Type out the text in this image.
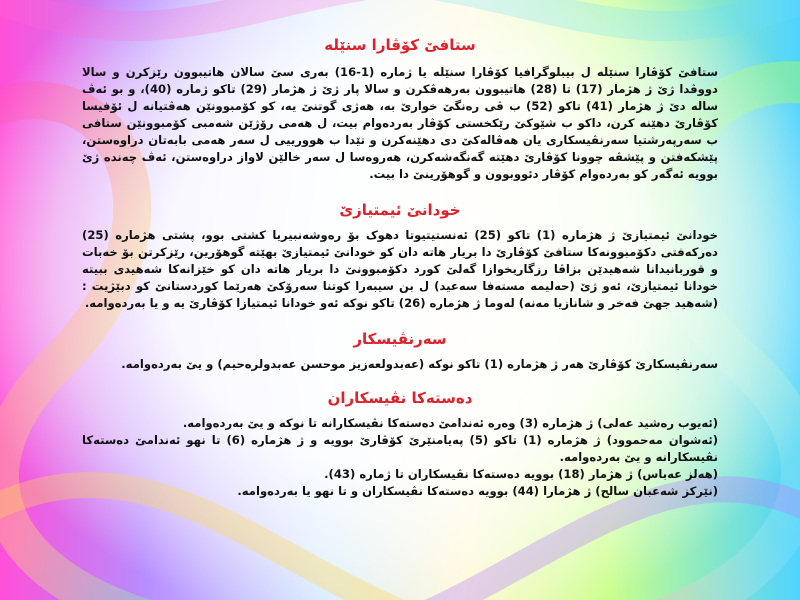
ستافێ کۆڤارا سنێلە

ستافێ کۆڤارا سنێلە ل بیبلوگرافیا کۆڤارا سنێلە یا ژمارە (1-16) بەری سێ سالان هاتیبوون رێزکرن و سالا دووڤدا ژێ ژ هژمار (17) تا (28) هاتیبوون بەرهەڤکرن و سالا پار ژێ ژ هژمار (29) تاکو ژمارە (40)، و بو ئەڤ سالە دێ ژ هژمار (41) تاکو (52) ب ڤی رەنگێ خوارێ بە، هەژی گوتنێ یە، کو کۆمبوونێن هەڤتیانە ل ئۆفیسا کۆڤارێ دهێنە کرن، داکو ب شێوکێ رێکخستی کۆڤار بەردەوام بیت، ل هەمی رۆژێن شەمبی کۆمبوونێن ستافی ب سەرپەرشتیا سەرنڤیسکاری یان هەڤالەکێ دی دهێنەکرن و تێدا ب هوورییی ل سەر هەمی بابەتان دراوەستن، پێشکەفتن و پێشڤە چوونا کۆڤارێ دهێتە گەنگەشەکرن، هەروەسا ل سەر خالێن لاواز دراوەستن، ئەڤ چەندە ژێ بوویە ئەگەر کو بەردەوام کۆڤار دئووبوون و گوهۆرینێ دا بیت.

خودانێ ئیمتیازێ

خودانێ ئیمتیازێ ژ هژمارە (1) تاکو (25) ئەنستیتیوتا دهوک بۆ رەوشەنبیریا کشتی بوو، پشتی هژمارە (25) دەرکەفتی دکۆمبوونەکا ستافێ کۆڤارێ دا بریار هاتە دان کو خودانێ ئیمتیازێ بهێتە گوهۆرین، رێزکرتن بۆ خەبات و قوربانیدانا شەهیدێن بزاڤا رزگاریخوازا گەلێ کورد دکۆمبوونێ دا بریار هاتە دان کو خێزانەکا شەهیدی ببیتە خودانا ئیمتیازێ، ئەو ژێ (حەلیمە مستەفا سەعید) ل بن سیبەرا کوتنا سەرۆکێ هەرێما کوردستانێ کو دبێژیت : (شەهید جهێ فەخر و شانازیا مەنە) لەوما ژ هژمارە (26) تاکو نوکە ئەو خودانا ئیمتیازا کۆڤارێ یە و یا بەردەوامە.

سەرنڤیسکار

سەرنڤیسکارێ کۆڤارێ هەر ژ هژمارە (1) تاکو نوکە (عەبدولعەزیز موحسن عەبدولرەحیم) و یێ بەردەوامە.

دەستەکا نڤیسکاران
(ئەیوب رەشید عەلی) ژ هژمارە (3) وەرە ئەندامێ دەستەکا نڤیسکارانە تا نوکە و یێ بەردەوامە.
(ئەشوان مەحموود) ژ هژمارە (1) تاکو (5) پەیامنێرێ کۆڤارێ بوویە و ژ هژمارە (6) تا نهو ئەندامێ دەستەکا نڤیسکارانە و یێ بەردەوامە.
(هەلز عەباس) ژ هژمار (18) بوویە دەستەکا نڤیسکاران تا ژمارە (43).
(نێرکز شەعبان سالح) ژ هژمارا (44) بوویە دەستەکا نڤیسکاران و تا نهو یا بەردەوامە.
